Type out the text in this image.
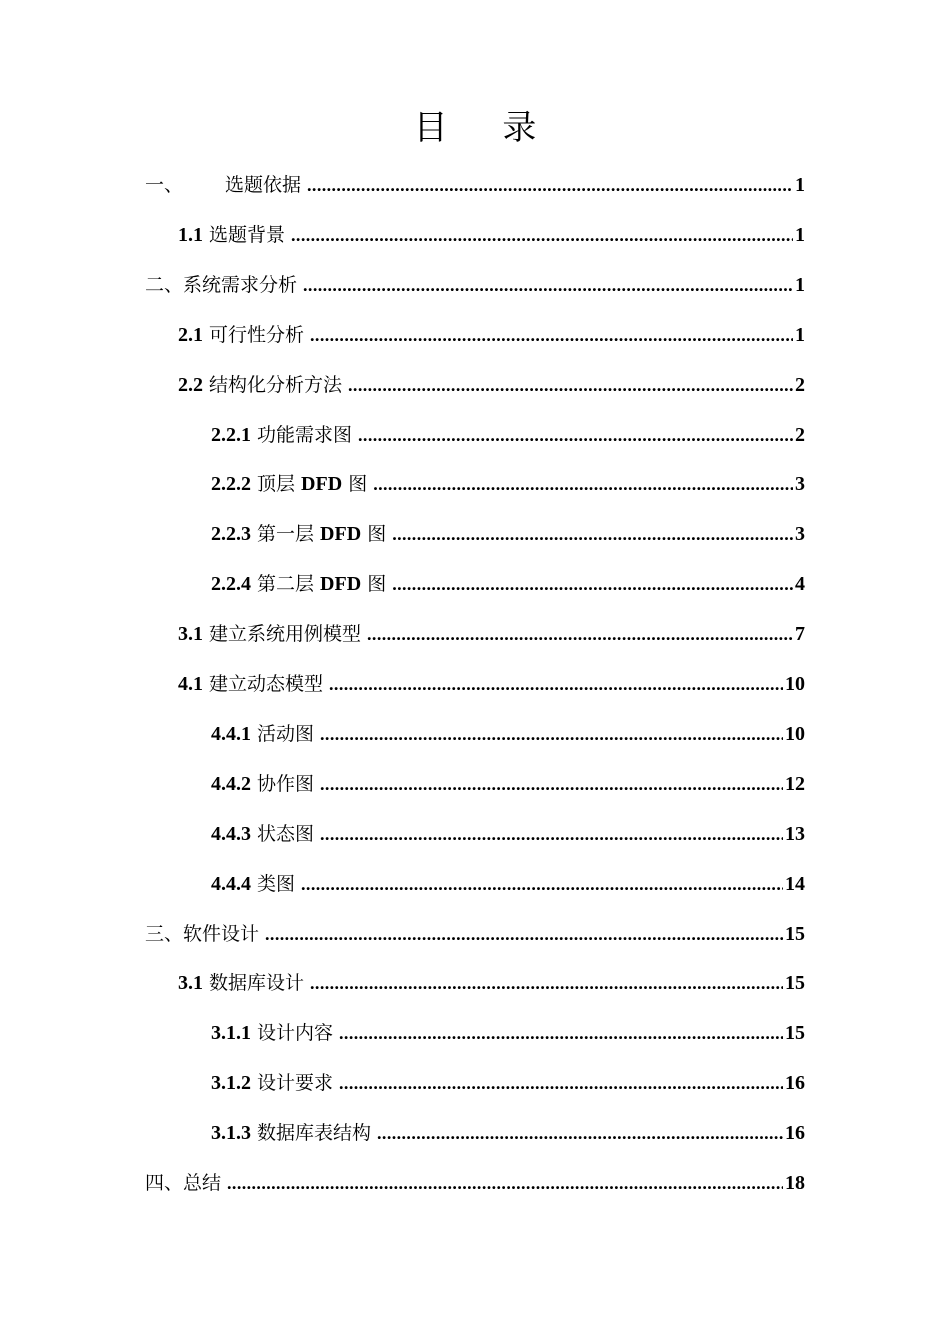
目 录
一、 选题依据 .....	1
1.1 选题背景 .....	1
二、系统需求分析 .....	1
2.1 可行性分析 .....	1
2.2 结构化分析方法 .....	2
2.2.1 功能需求图 .....	2
2.2.2 顶层 DFD 图 .....	3
2.2.3 第一层 DFD 图 .....	3
2.2.4 第二层 DFD 图 .....	4
3.1 建立系统用例模型 .....	7
4.1 建立动态模型 .....	10
4.4.1 活动图 .....	10
4.4.2 协作图 .....	12
4.4.3 状态图 .....	13
4.4.4 类图 .....	14
三、软件设计 .....	15
3.1 数据库设计 .....	15
3.1.1 设计内容 .....	15
3.1.2 设计要求 .....	16
3.1.3 数据库表结构 .....	16
四、总结 .....	18
